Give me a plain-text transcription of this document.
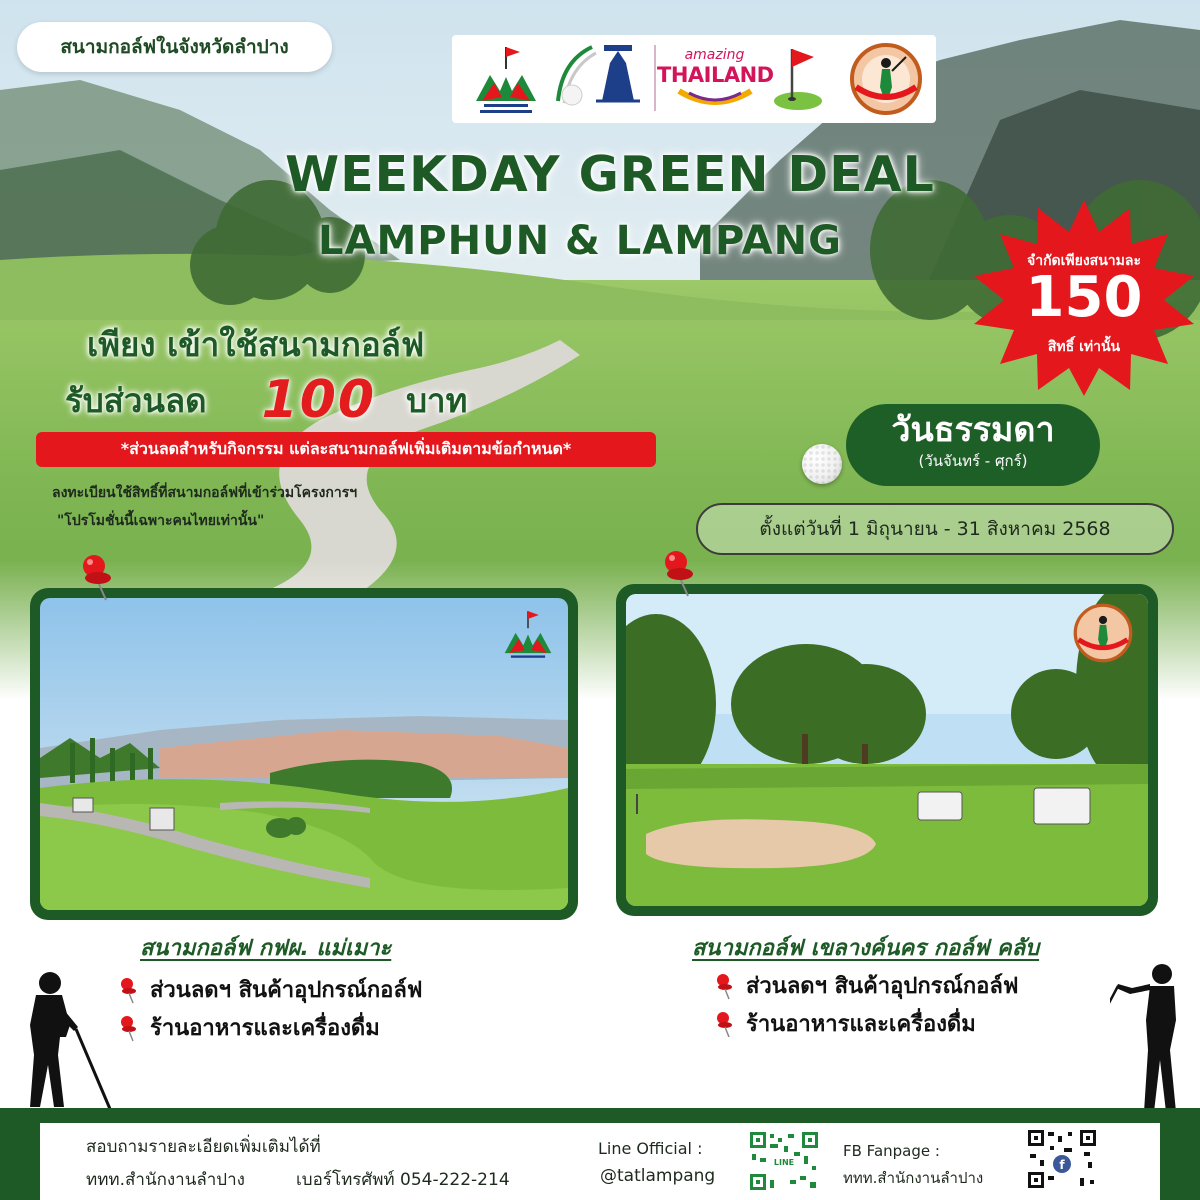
สนามกอล์ฟในจังหวัดลำปาง	amazing
THAILAND
WEEKDAY GREEN DEAL
LAMPHUN & LAMPANG	จำกัดเพียงสนามละ
150
สิทธิ์ เท่านั้น
เพียง เข้าใช้สนามกอล์ฟ
รับส่วนลด 100 บาท
*ส่วนลดสำหรับกิจกรรม แต่ละสนามกอล์ฟเพิ่มเติมตามข้อกำหนด*
ลงทะเบียนใช้สิทธิ์ที่สนามกอล์ฟที่เข้าร่วมโครงการฯ
"โปรโมชั่นนี้เฉพาะคนไทยเท่านั้น"
วันธรรมดา
(วันจันทร์ - ศุกร์)
ตั้งแต่วันที่ 1 มิถุนายน - 31 สิงหาคม 2568
สนามกอล์ฟ กฟผ. แม่เมาะ	สนามกอล์ฟ เขลางค์นคร กอล์ฟ คลับ
ส่วนลดฯ สินค้าอุปกรณ์กอล์ฟ
ร้านอาหารและเครื่องดื่ม
ส่วนลดฯ สินค้าอุปกรณ์กอล์ฟ
ร้านอาหารและเครื่องดื่ม
สอบถามรายละเอียดเพิ่มเติมได้ที่
ททท.สำนักงานลำปาง	เบอร์โทรศัพท์ 054-222-214
Line Official :
@tatlampang
FB Fanpage :
ททท.สำนักงานลำปาง
LINE	f
